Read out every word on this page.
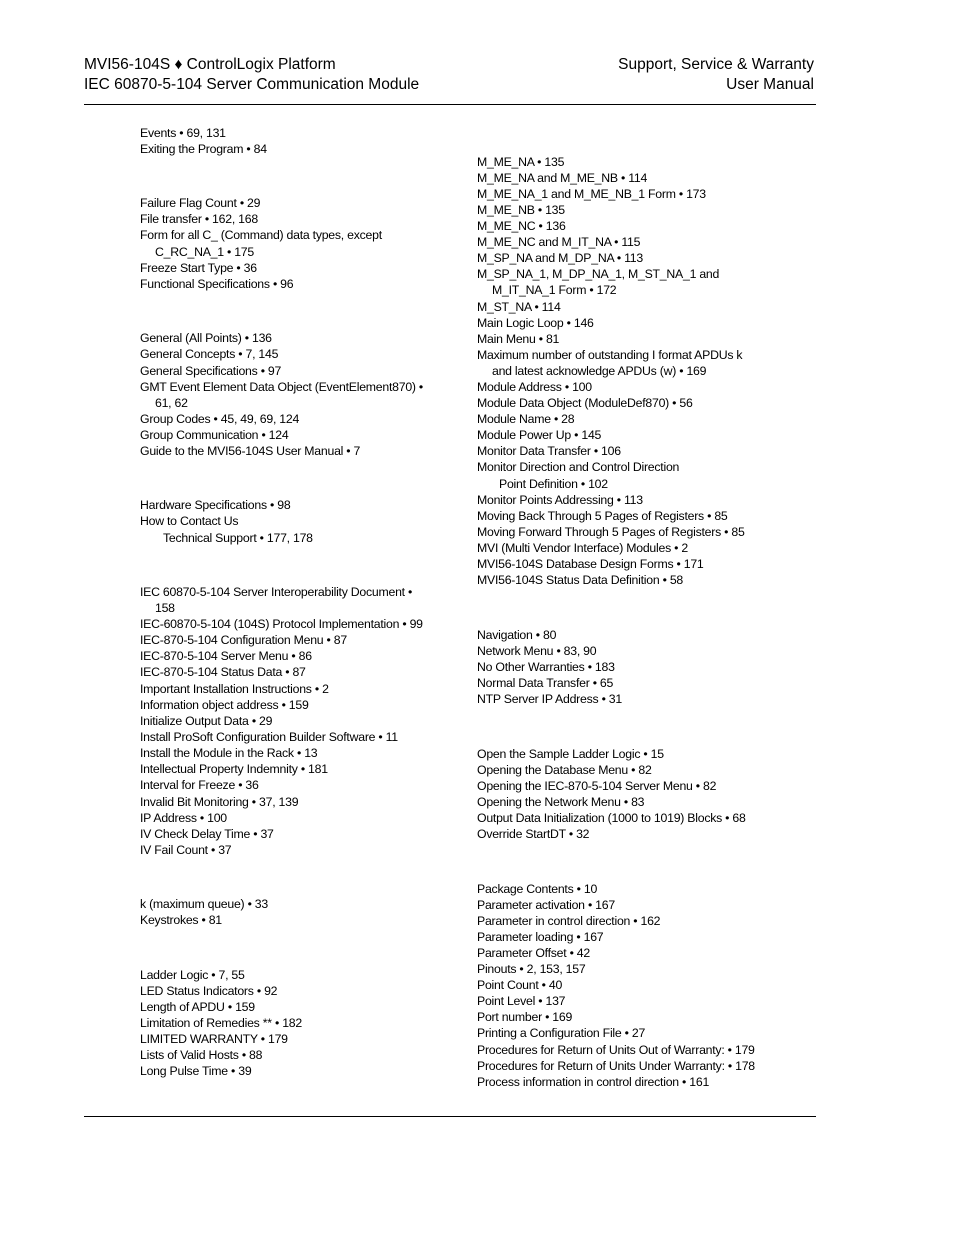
MVI56-104S ♦ ControlLogix Platform
IEC 60870-5-104 Server Communication Module
Support, Service & Warranty
User Manual
Events • 69, 131
Exiting the Program • 84
Failure Flag Count • 29
File transfer • 162, 168
Form for all C_ (Command) data types, except
C_RC_NA_1 • 175
Freeze Start Type • 36
Functional Specifications • 96
General (All Points) • 136
General Concepts • 7, 145
General Specifications • 97
GMT Event Element Data Object (EventElement870) •
61, 62
Group Codes • 45, 49, 69, 124
Group Communication • 124
Guide to the MVI56-104S User Manual • 7
Hardware Specifications • 98
How to Contact Us
Technical Support • 177, 178
IEC 60870-5-104 Server Interoperability Document •
158
IEC-60870-5-104 (104S) Protocol Implementation • 99
IEC-870-5-104 Configuration Menu • 87
IEC-870-5-104 Server Menu • 86
IEC-870-5-104 Status Data • 87
Important Installation Instructions • 2
Information object address • 159
Initialize Output Data • 29
Install ProSoft Configuration Builder Software • 11
Install the Module in the Rack • 13
Intellectual Property Indemnity • 181
Interval for Freeze • 36
Invalid Bit Monitoring • 37, 139
IP Address • 100
IV Check Delay Time • 37
IV Fail Count • 37
k (maximum queue) • 33
Keystrokes • 81
Ladder Logic • 7, 55
LED Status Indicators • 92
Length of APDU • 159
Limitation of Remedies ** • 182
LIMITED WARRANTY • 179
Lists of Valid Hosts • 88
Long Pulse Time • 39
M_ME_NA • 135
M_ME_NA and M_ME_NB • 114
M_ME_NA_1 and M_ME_NB_1 Form • 173
M_ME_NB • 135
M_ME_NC • 136
M_ME_NC and M_IT_NA • 115
M_SP_NA and M_DP_NA • 113
M_SP_NA_1, M_DP_NA_1, M_ST_NA_1 and
M_IT_NA_1 Form • 172
M_ST_NA • 114
Main Logic Loop • 146
Main Menu • 81
Maximum number of outstanding I format APDUs k
and latest acknowledge APDUs (w) • 169
Module Address • 100
Module Data Object (ModuleDef870) • 56
Module Name • 28
Module Power Up • 145
Monitor Data Transfer • 106
Monitor Direction and Control Direction
Point Definition • 102
Monitor Points Addressing • 113
Moving Back Through 5 Pages of Registers • 85
Moving Forward Through 5 Pages of Registers • 85
MVI (Multi Vendor Interface) Modules • 2
MVI56-104S Database Design Forms • 171
MVI56-104S Status Data Definition • 58
Navigation • 80
Network Menu • 83, 90
No Other Warranties • 183
Normal Data Transfer • 65
NTP Server IP Address • 31
Open the Sample Ladder Logic • 15
Opening the Database Menu • 82
Opening the IEC-870-5-104 Server Menu • 82
Opening the Network Menu • 83
Output Data Initialization (1000 to 1019) Blocks • 68
Override StartDT • 32
Package Contents • 10
Parameter activation • 167
Parameter in control direction • 162
Parameter loading • 167
Parameter Offset • 42
Pinouts • 2, 153, 157
Point Count • 40
Point Level • 137
Port number • 169
Printing a Configuration File • 27
Procedures for Return of Units Out of Warranty: • 179
Procedures for Return of Units Under Warranty: • 178
Process information in control direction • 161
